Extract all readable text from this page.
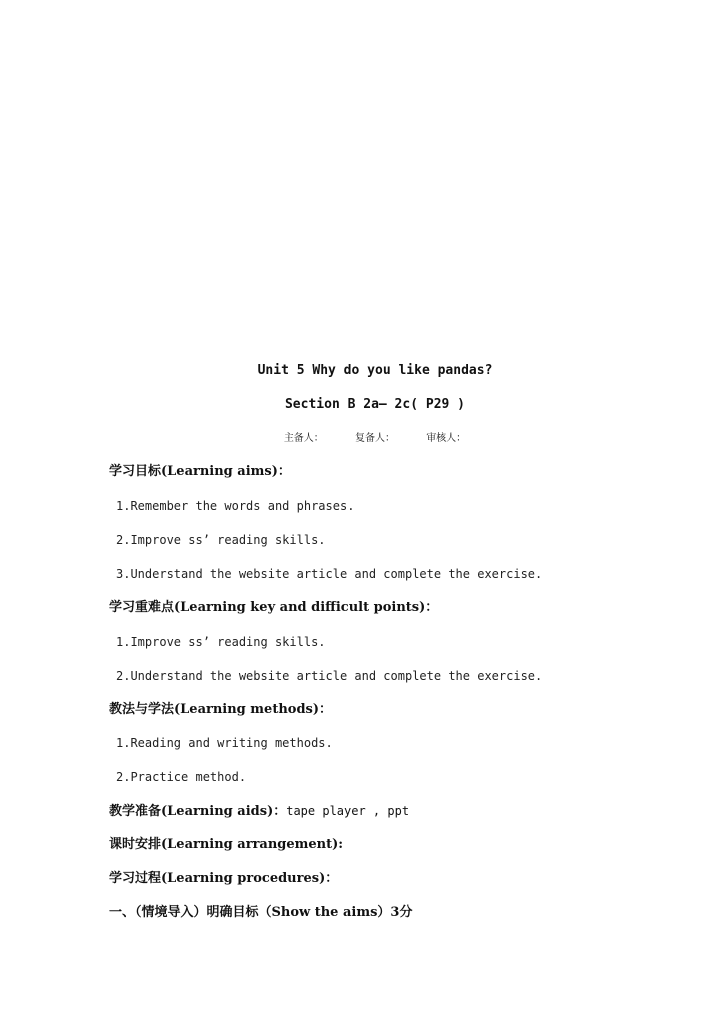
Unit 5 Why do you like pandas?
Section B 2a— 2c( P29 )
主备人：	复备人：	审核人：
学习目标(Learning aims)：
1.Remember the words and phrases.
2.Improve ss’ reading skills.
3.Understand the website article and complete the exercise.
学习重难点(Learning key and difficult points)：
1.Improve ss’ reading skills.
2.Understand the website article and complete the exercise.
教法与学法(Learning methods)：
1.Reading and writing methods.
2.Practice method.
教学准备(Learning aids)：tape player , ppt
课时安排(Learning arrangement):
学习过程(Learning procedures)：
一、（情境导入）明确目标（Show the aims）3分
